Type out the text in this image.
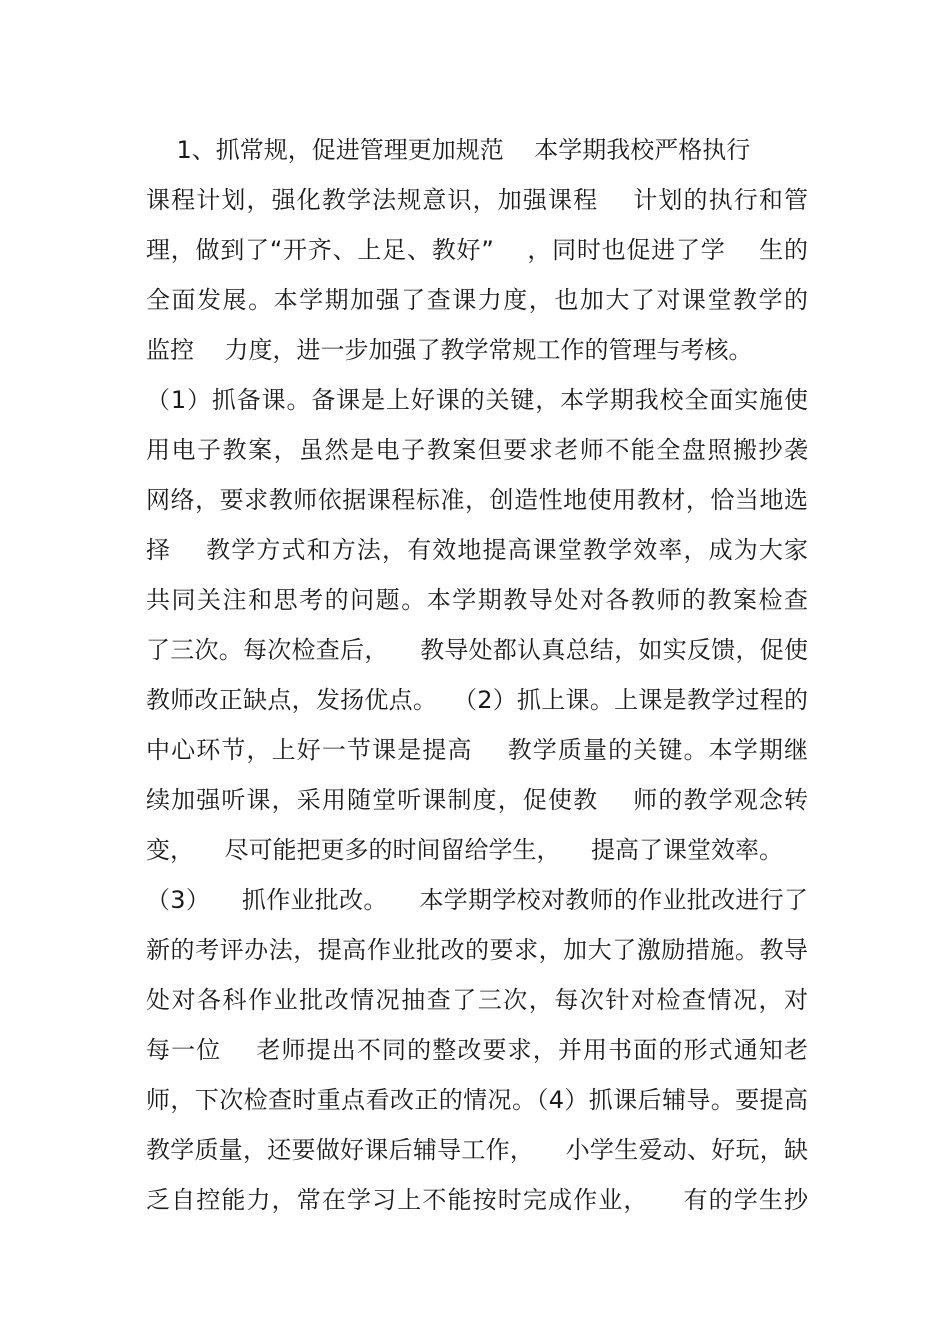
1、抓常规，促进管理更加规范    本学期我校严格执行
课程计划，强化教学法规意识，加强课程    计划的执行和管
理，做到了“开齐、上足、教好”    ，同时也促进了学    生的
全面发展。本学期加强了查课力度，也加大了对课堂教学的
监控    力度，进一步加强了教学常规工作的管理与考核。
（1）抓备课。备课是上好课的关键，本学期我校全面实施使
用电子教案，虽然是电子教案但要求老师不能全盘照搬抄袭
网络，要求教师依据课程标准，创造性地使用教材，恰当地选
择    教学方式和方法，有效地提高课堂教学效率，成为大家
共同关注和思考的问题。本学期教导处对各教师的教案检查
了三次。每次检查后，    教导处都认真总结，如实反馈，促使
教师改正缺点，发扬优点。  （2）抓上课。上课是教学过程的
中心环节，上好一节课是提高    教学质量的关键。本学期继
续加强听课，采用随堂听课制度，促使教    师的教学观念转
变，    尽可能把更多的时间留给学生，    提高了课堂效率。
（3）    抓作业批改。    本学期学校对教师的作业批改进行了
新的考评办法，提高作业批改的要求，加大了激励措施。教导
处对各科作业批改情况抽查了三次，每次针对检查情况，对
每一位    老师提出不同的整改要求，并用书面的形式通知老
师，下次检查时重点看改正的情况。（4）抓课后辅导。要提高
教学质量，还要做好课后辅导工作，    小学生爱动、好玩，缺
乏自控能力，常在学习上不能按时完成作业，    有的学生抄
